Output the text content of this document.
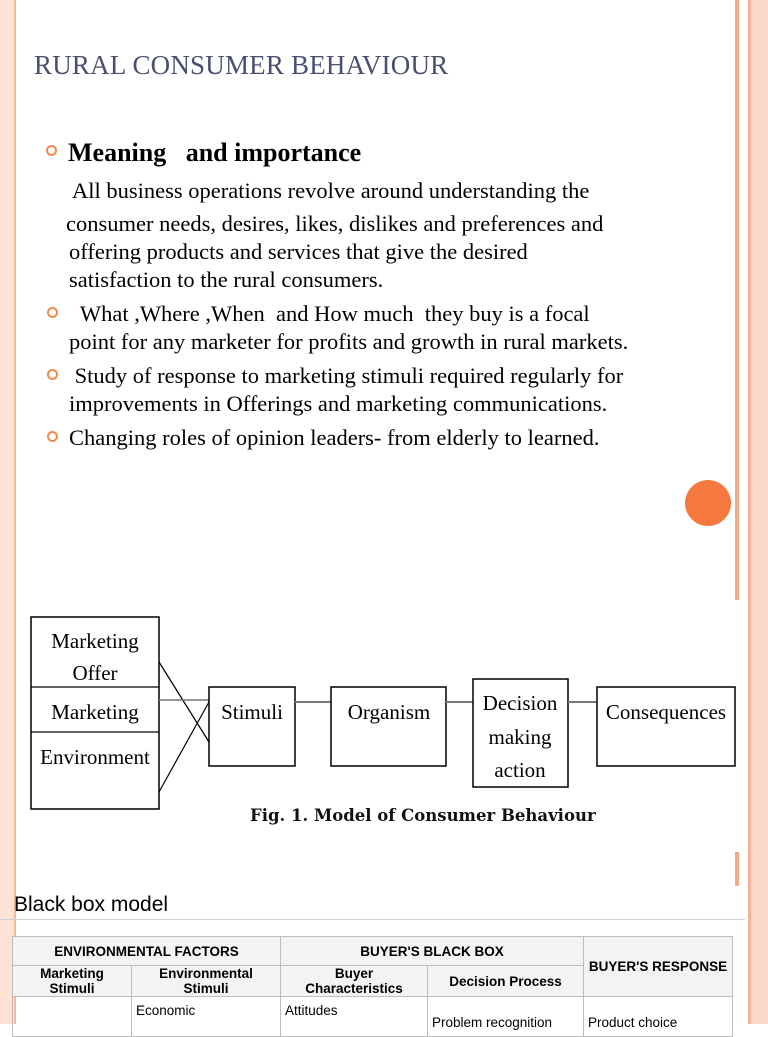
RURAL CONSUMER BEHAVIOUR
Meaning   and importance
All business operations revolve around understanding the
consumer needs, desires, likes, dislikes and preferences and
offering products and services that give the desired
satisfaction to the rural consumers.
What ,Where ,When  and How much  they buy is a focal
point for any marketer for profits and growth in rural markets.
Study of response to marketing stimuli required regularly for
improvements in Offerings and marketing communications.
Changing roles of opinion leaders- from elderly to learned.
Marketing
Offer
Marketing
Environment
Stimuli	Organism Decision
making
action
Consequences
Fig. 1. Model of Consumer Behaviour
Black box model
ENVIRONMENTAL FACTORS		BUYER'S BLACK BOX		BUYER'S RESPONSE
Marketing Stimuli	Environmental Stimuli	Buyer Characteristics	Decision Process	
	Economic	Attitudes	Problem recognition	Product choice
